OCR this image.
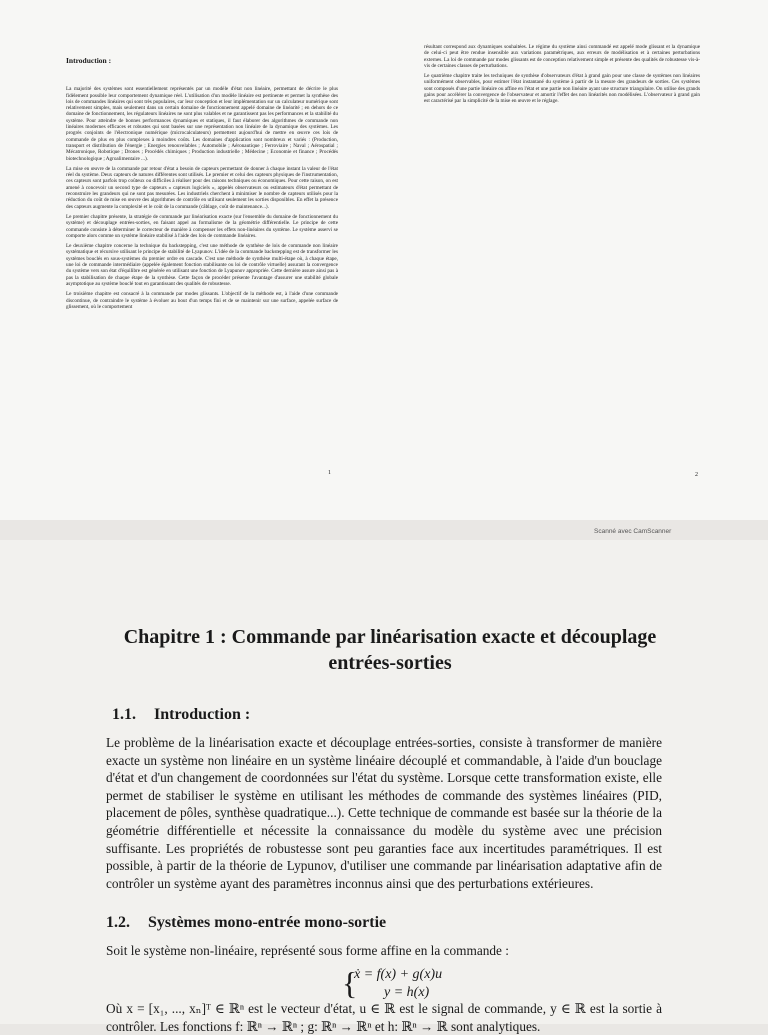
Introduction :

La majorité des systèmes sont essentiellement représentés par un modèle d'état non linéaire, permettant de décrire le plus fidèlement possible leur comportement dynamique réel. L'utilisation d'un modèle linéaire est pertinente et permet la synthèse des lois de commandes linéaires qui sont très populaires, car leur conception et leur implémentation sur un calculateur numérique sont relativement simples, mais seulement dans un certain domaine de fonctionnement appelé domaine de linéarité ; en dehors de ce domaine de fonctionnement, les régulateurs linéaires ne sont plus valables et ne garantissent pas les performances et la stabilité du système. Pour atteindre de bonnes performances dynamiques et statiques, il faut élaborer des algorithmes de commande non linéaires modernes efficaces et robustes qui sont basées sur une représentation non linéaire de la dynamique des systèmes. Les progrès conjoints de l'électronique numérique (microcalculateurs) permettent aujourd'hui de mettre en œuvre ces lois de commande de plus en plus complexes à moindres coûts. Les domaines d'application sont nombreux et variés : (Production, transport et distribution de l'énergie ; Energies renouvelables ; Automobile ; Aéronautique ; Ferroviaire ; Naval ; Aérospatial ; Mécatronique, Robotique ; Drones ; Procédés chimiques ; Production industrielle ; Médecine ; Economie et finance ; Procédés biotechnologique ; Agroalimentaire ...).

La mise en œuvre de la commande par retour d'état a besoin de capteurs permettant de donner à chaque instant la valeur de l'état réel du système. Deux capteurs de natures différentes sont utilisés. Le premier et celui des capteurs physiques de l'instrumentation, ces capteurs sont parfois trop coûteux ou difficiles à réaliser pour des raisons techniques ou économiques. Pour cette raison, on est amené à concevoir un second type de capteurs « capteurs logiciels », appelés observateurs ou estimateurs d'état permettant de reconstruire les grandeurs qui ne sont pas mesurées. Les industriels cherchent à minimiser le nombre de capteurs utilisés pour la réduction du coût de mise en œuvre des algorithmes de contrôle en utilisant seulement les sorties disponibles. En effet la présence des capteurs augmente la complexité et le coût de la commande (câblage, coût de maintenance...).

Le premier chapitre présente, la stratégie de commande par linéarisation exacte (sur l'ensemble du domaine de fonctionnement du système) et découplage entrées-sorties, en faisant appel au formalisme de la géométrie différentielle. Le principe de cette commande consiste à déterminer le correcteur de manière à compenser les effets non-linéaires du système. Le système asservi se comporte alors comme un système linéaire stabilisé à l'aide des lois de commande linéaires.

Le deuxième chapitre concerne la technique du backstepping, c'est une méthode de synthèse de lois de commande non linéaire systématique et récursive utilisant le principe de stabilité de Lyapunov. L'idée de la commande backstepping est de transformer les systèmes bouclés en sous-systèmes du premier ordre en cascade. C'est une méthode de synthèse multi-étape où, à chaque étape, une loi de commande intermédiaire (appelée également fonction stabilisante ou loi de contrôle virtuelle) assurant la convergence du système vers son état d'équilibre est générée en utilisant une fonction de Lyapunov appropriée. Cette dernière assure ainsi pas à pas la stabilisation de chaque étape de la synthèse. Cette façon de procéder présente l'avantage d'assurer une stabilité globale asymptotique au système bouclé tout en garantissant des qualités de robustesse.

Le troisième chapitre est consacré à la commande par modes glissants. L'objectif de la méthode est, à l'aide d'une commande discontinue, de contraindre le système à évoluer au bout d'un temps fini et de se maintenir sur une surface, appelée surface de glissement, où le comportement

1

résultant correspond aux dynamiques souhaitées. Le régime du système ainsi commandé est appelé mode glissant et la dynamique de celui-ci peut être rendue insensible aux variations paramétriques, aux erreurs de modélisation et à certaines perturbations externes. La loi de commande par modes glissants est de conception relativement simple et présente des qualités de robustesse vis-à-vis de certaines classes de perturbations.

Le quatrième chapitre traite les techniques de synthèse d'observateurs d'état à grand gain pour une classe de systèmes non linéaires uniformément observables, pour estimer l'état instantané du système à partir de la mesure des grandeurs de sorties. Ces systèmes sont composés d'une partie linéaire ou affine en l'état et une partie non linéaire ayant une structure triangulaire. On utilise des grands gains pour accélérer la convergence de l'observateur et amortir l'effet des non linéarités non modélisées. L'observateur à grand gain est caractérisé par la simplicité de la mise en œuvre et le réglage.

2
Scanné avec CamScanner
Chapitre 1 : Commande par linéarisation exacte et découplage entrées-sorties
1.1. Introduction :
Le problème de la linéarisation exacte et découplage entrées-sorties, consiste à transformer de manière exacte un système non linéaire en un système linéaire découplé et commandable, à l'aide d'un bouclage d'état et d'un changement de coordonnées sur l'état du système. Lorsque cette transformation existe, elle permet de stabiliser le système en utilisant les méthodes de commande des systèmes linéaires (PID, placement de pôles, synthèse quadratique...). Cette technique de commande est basée sur la théorie de la géométrie différentielle et nécessite la connaissance du modèle du système avec une précision suffisante. Les propriétés de robustesse sont peu garanties face aux incertitudes paramétriques. Il est possible, à partir de la théorie de Lypunov, d'utiliser une commande par linéarisation adaptative afin de contrôler un système ayant des paramètres inconnus ainsi que des perturbations extérieures.
1.2. Systèmes mono-entrée mono-sortie
Soit le système non-linéaire, représenté sous forme affine en la commande :
{
ẋ = f(x) + g(x)u
y = h(x)
Où x = [x₁, ..., xₙ]ᵀ ∈ ℝⁿ est le vecteur d'état, u ∈ ℝ est le signal de commande, y ∈ ℝ est la sortie à contrôler. Les fonctions f: ℝⁿ → ℝⁿ ; g: ℝⁿ → ℝⁿ et h: ℝⁿ → ℝ sont analytiques.
